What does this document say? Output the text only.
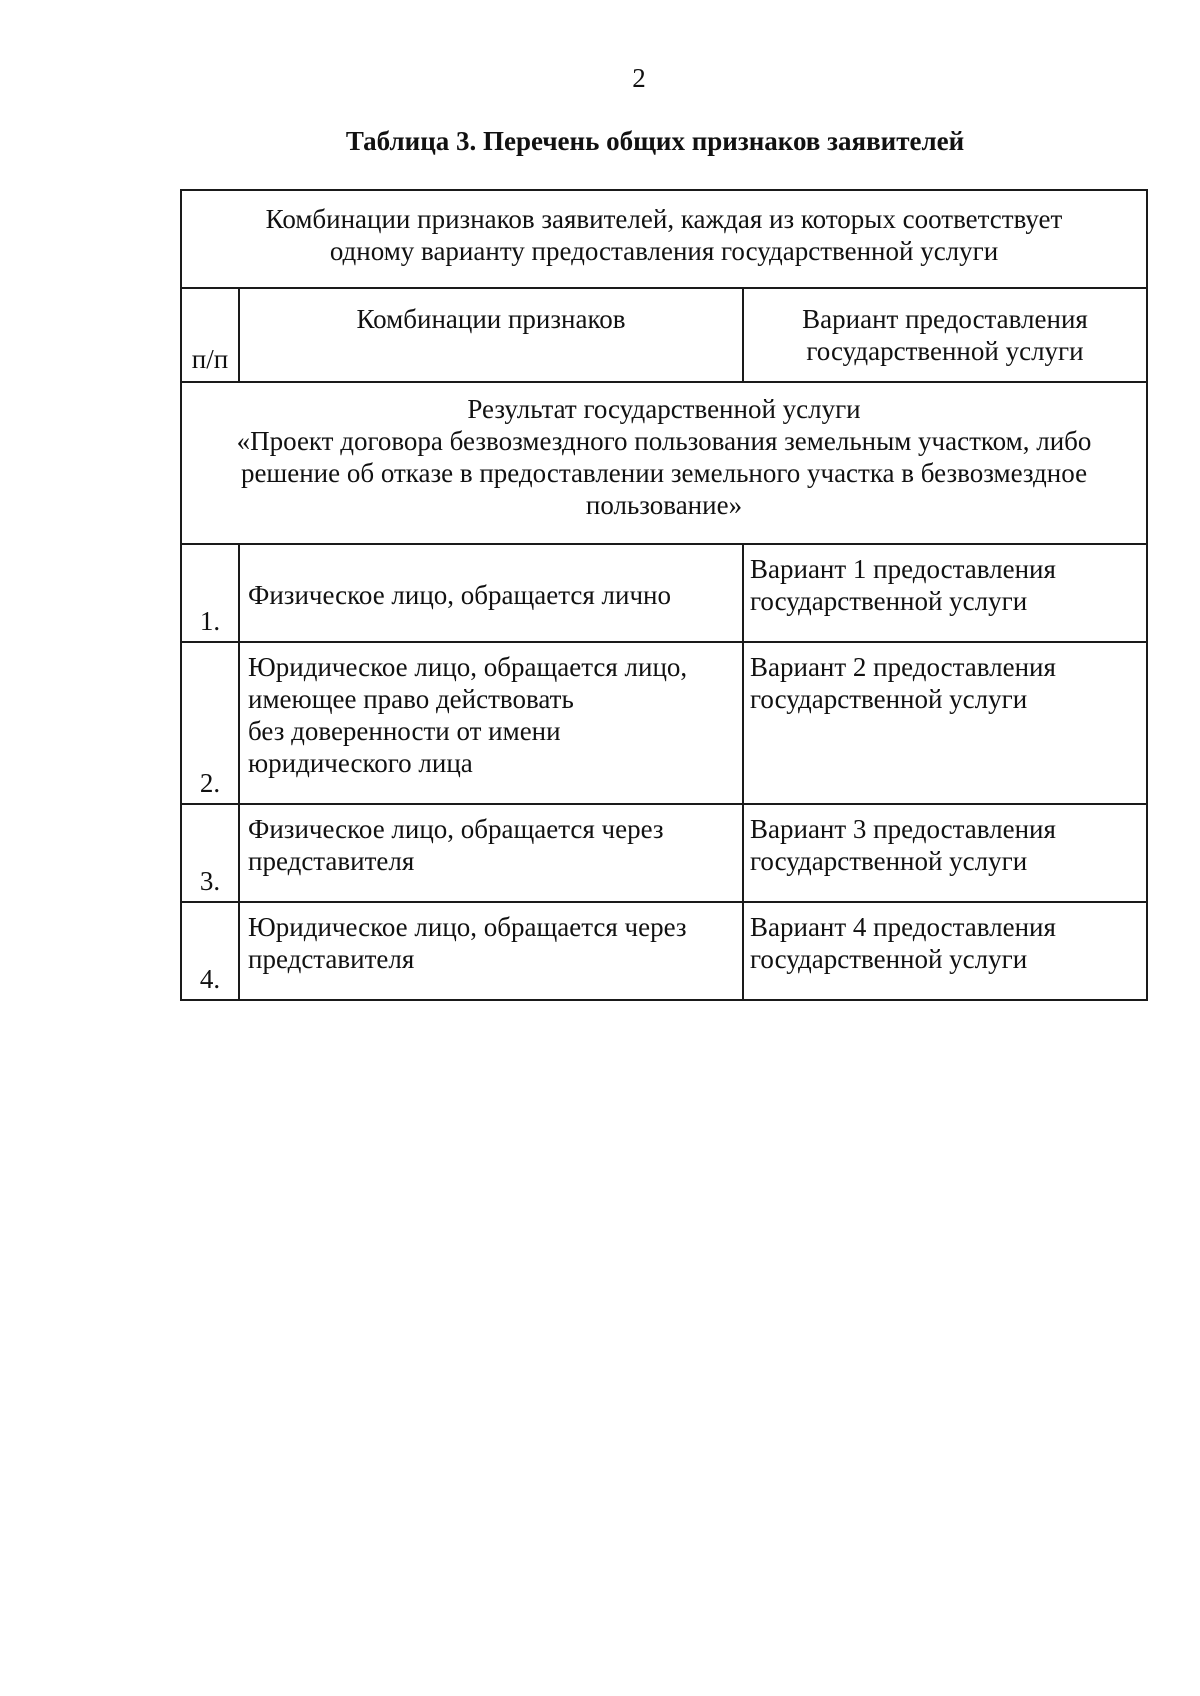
2
Таблица 3. Перечень общих признаков заявителей
Комбинации признаков заявителей, каждая из которых соответствует
одному варианту предоставления государственной услуги		

п/п	Комбинации признаков	Вариант предоставления
государственной услуги

Результат государственной услуги
«Проект договора безвозмездного пользования земельным участком, либо
решение об отказе в предоставлении земельного участка в безвозмездное
пользование»		

1.	Физическое лицо, обращается лично	Вариант 1 предоставления
государственной услуги

2.	Юридическое лицо, обращается лицо,
имеющее право действовать
без доверенности от имени
юридического лица	Вариант 2 предоставления
государственной услуги

3.	Физическое лицо, обращается через
представителя	Вариант 3 предоставления
государственной услуги

4.	Юридическое лицо, обращается через
представителя	Вариант 4 предоставления
государственной услуги
